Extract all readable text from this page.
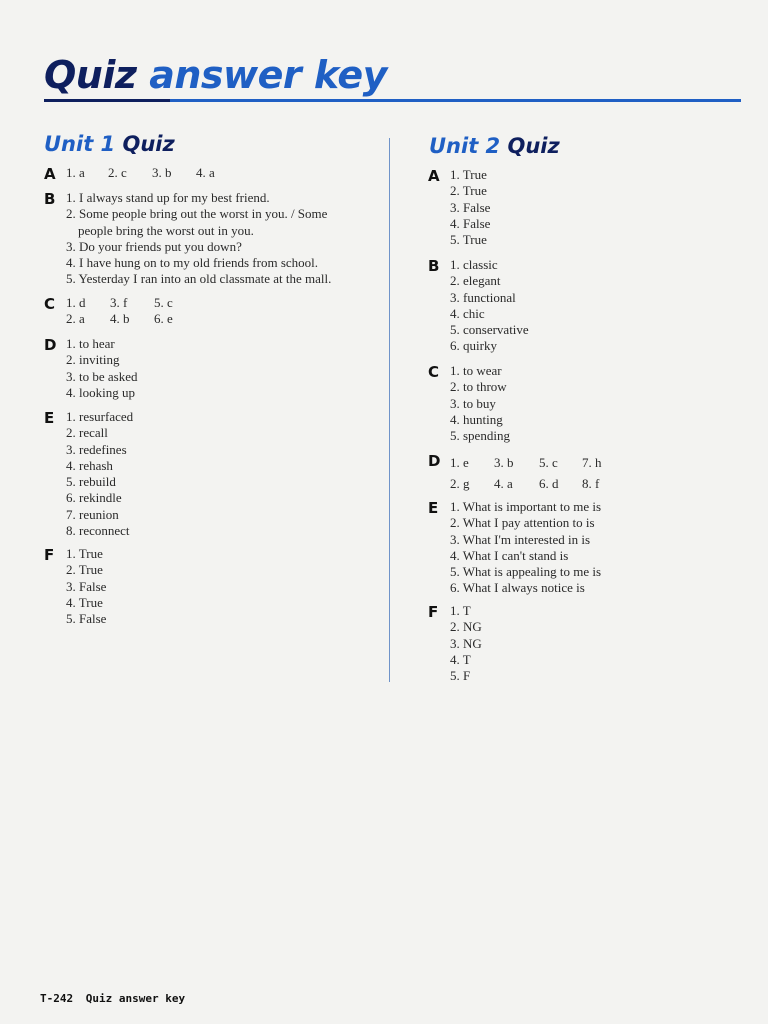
Quiz answer key
Unit 1 Quiz
A 1. a	2. c	3. b	4. a
B 1. I always stand up for my best friend.
2. Some people bring out the worst in you. / Some
people bring the worst out in you.
3. Do your friends put you down?
4. I have hung on to my old friends from school.
5. Yesterday I ran into an old classmate at the mall.
C 1. d	3. f	5. c
2. a	4. b	6. e
D 1. to hear
2. inviting
3. to be asked
4. looking up
E 1. resurfaced
2. recall
3. redefines
4. rehash
5. rebuild
6. rekindle
7. reunion
8. reconnect
F 1. True
2. True
3. False
4. True
5. False
Unit 2 Quiz
A 1. True
2. True
3. False
4. False
5. True
B 1. classic
2. elegant
3. functional
4. chic
5. conservative
6. quirky
C 1. to wear
2. to throw
3. to buy
4. hunting
5. spending
D 1. e	3. b	5. c	7. h
2. g	4. a	6. d	8. f
E 1. What is important to me is
2. What I pay attention to is
3. What I'm interested in is
4. What I can't stand is
5. What is appealing to me is
6. What I always notice is
F 1. T
2. NG
3. NG
4. T
5. F
T-242 Quiz answer key
